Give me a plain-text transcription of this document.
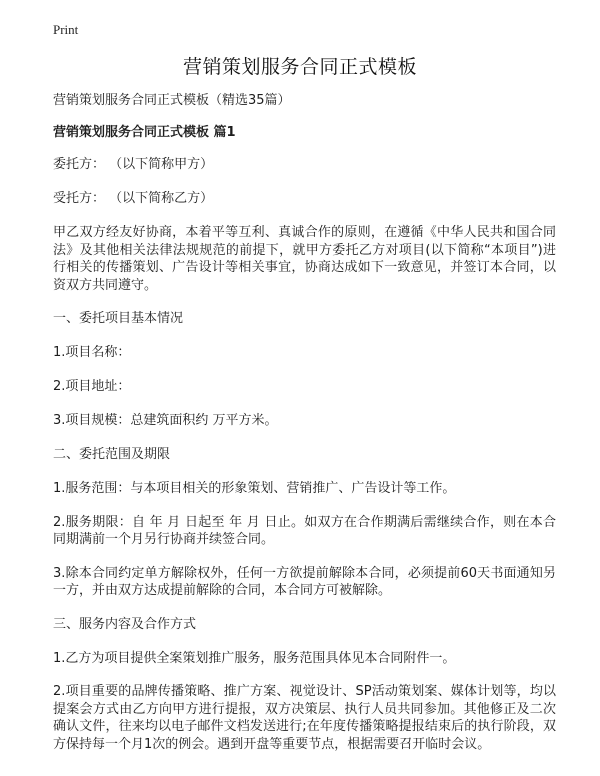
Print
营销策划服务合同正式模板

营销策划服务合同正式模板（精选35篇）

营销策划服务合同正式模板 篇1

委托方： （以下简称甲方）

受托方： （以下简称乙方）

甲乙双方经友好协商，本着平等互利、真诚合作的原则，在遵循《中华人民共和国合同法》及其他相关法律法规规范的前提下，就甲方委托乙方对项目(以下简称“本项目”)进行相关的传播策划、广告设计等相关事宜，协商达成如下一致意见，并签订本合同，以资双方共同遵守。

一、委托项目基本情况

1.项目名称：

2.项目地址：

3.项目规模：总建筑面积约 万平方米。

二、委托范围及期限

1.服务范围：与本项目相关的形象策划、营销推广、广告设计等工作。

2.服务期限：自 年 月 日起至 年 月 日止。如双方在合作期满后需继续合作，则在本合同期满前一个月另行协商并续签合同。

3.除本合同约定单方解除权外，任何一方欲提前解除本合同，必须提前60天书面通知另一方，并由双方达成提前解除的合同，本合同方可被解除。

三、服务内容及合作方式

1.乙方为项目提供全案策划推广服务，服务范围具体见本合同附件一。

2.项目重要的品牌传播策略、推广方案、视觉设计、SP活动策划案、媒体计划等，均以提案会方式由乙方向甲方进行提报，双方决策层、执行人员共同参加。其他修正及二次确认文件，往来均以电子邮件文档发送进行;在年度传播策略提报结束后的执行阶段，双方保持每一个月1次的例会。遇到开盘等重要节点，根据需要召开临时会议。
